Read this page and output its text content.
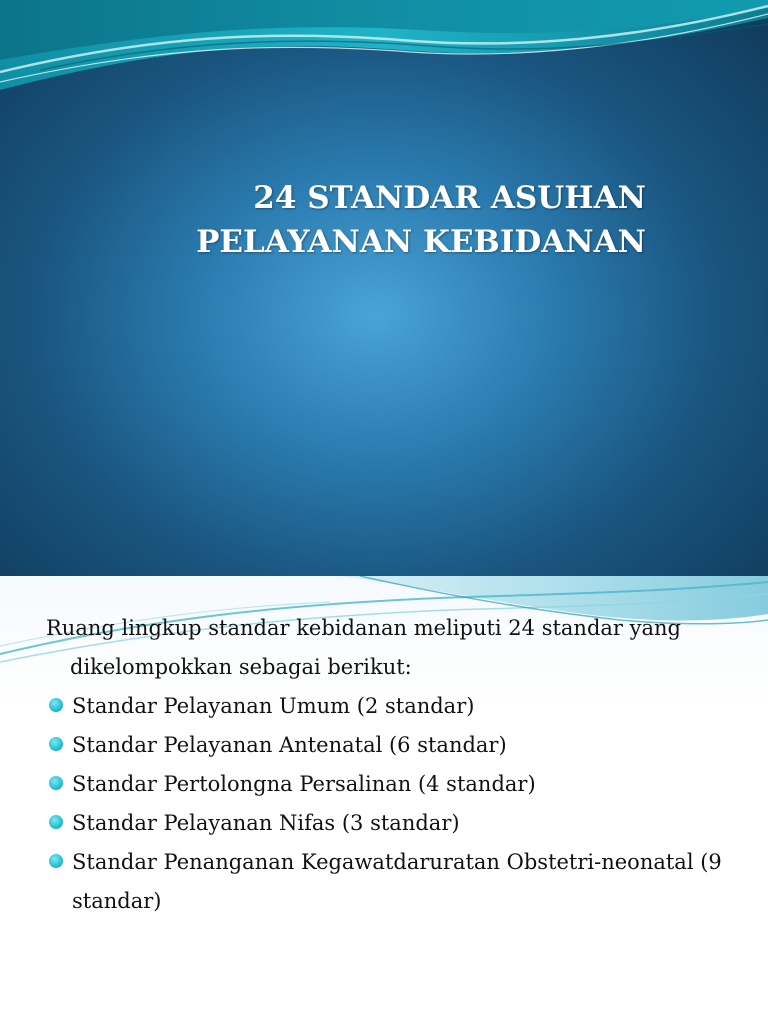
24 STANDAR ASUHAN
PELAYANAN KEBIDANAN

Ruang lingkup standar kebidanan meliputi 24 standar yang dikelompokkan sebagai berikut:

Standar Pelayanan Umum (2 standar)
Standar Pelayanan Antenatal (6 standar)
Standar Pertolongna Persalinan (4 standar)
Standar Pelayanan Nifas (3 standar)
Standar Penanganan Kegawatdaruratan Obstetri-neonatal (9 standar)
